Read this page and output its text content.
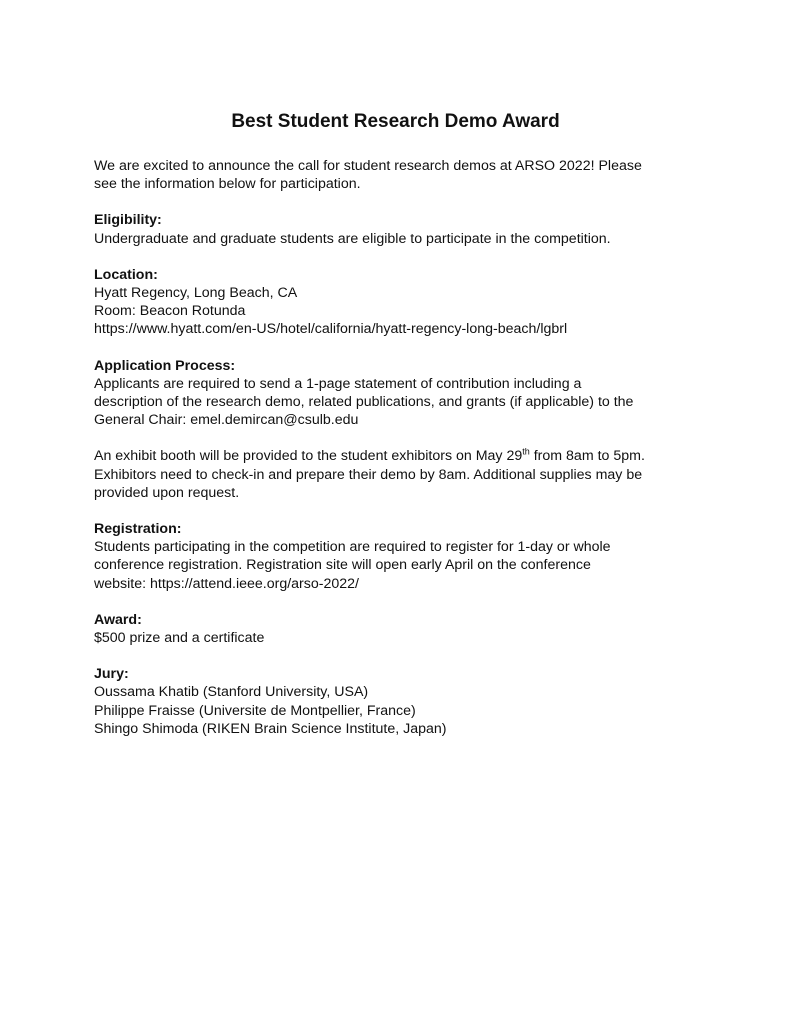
Best Student Research Demo Award

We are excited to announce the call for student research demos at ARSO 2022! Please

see the information below for participation.

Eligibility:

Undergraduate and graduate students are eligible to participate in the competition.

Location:

Hyatt Regency, Long Beach, CA

Room: Beacon Rotunda

https://www.hyatt.com/en-US/hotel/california/hyatt-regency-long-beach/lgbrl

Application Process:

Applicants are required to send a 1-page statement of contribution including a

description of the research demo, related publications, and grants (if applicable) to the

General Chair: emel.demircan@csulb.edu

An exhibit booth will be provided to the student exhibitors on May 29th from 8am to 5pm.

Exhibitors need to check-in and prepare their demo by 8am. Additional supplies may be

provided upon request.

Registration:

Students participating in the competition are required to register for 1-day or whole

conference registration. Registration site will open early April on the conference

website: https://attend.ieee.org/arso-2022/

Award:

$500 prize and a certificate

Jury:

Oussama Khatib (Stanford University, USA)

Philippe Fraisse (Universite de Montpellier, France)

Shingo Shimoda (RIKEN Brain Science Institute, Japan)
